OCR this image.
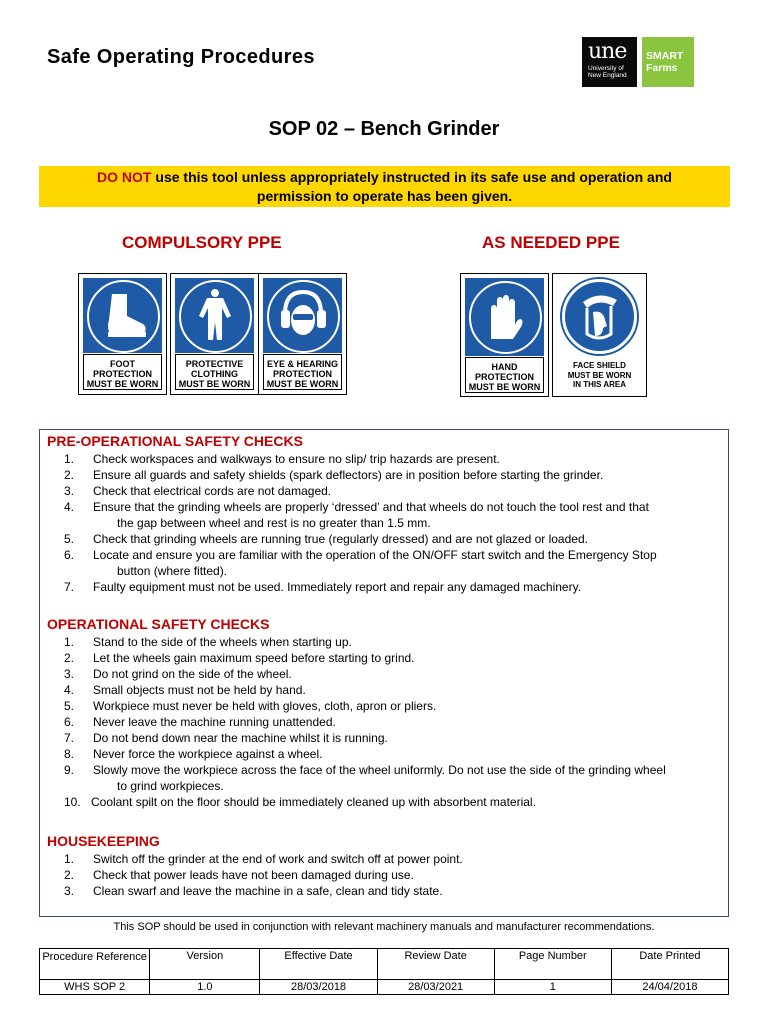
Safe Operating Procedures	une
University of
New England
SMART
Farms
SOP 02 – Bench Grinder
DO NOT use this tool unless appropriately instructed in its safe use and operation and
permission to operate has been given.
COMPULSORY PPE	AS NEEDED PPE
FOOT
PROTECTION
MUST BE WORN
PROTECTIVE
CLOTHING
MUST BE WORN
EYE & HEARING
PROTECTION
MUST BE WORN
HAND
PROTECTION
MUST BE WORN
FACE SHIELD
MUST BE WORN
IN THIS AREA
PRE-OPERATIONAL SAFETY CHECKS
1. Check workspaces and walkways to ensure no slip/ trip hazards are present.
2. Ensure all guards and safety shields (spark deflectors) are in position before starting the grinder.
3. Check that electrical cords are not damaged.
4. Ensure that the grinding wheels are properly ‘dressed’ and that wheels do not touch the tool rest and that
the gap between wheel and rest is no greater than 1.5 mm.
5. Check that grinding wheels are running true (regularly dressed) and are not glazed or loaded.
6. Locate and ensure you are familiar with the operation of the ON/OFF start switch and the Emergency Stop
button (where fitted).
7. Faulty equipment must not be used. Immediately report and repair any damaged machinery.
OPERATIONAL SAFETY CHECKS
1. Stand to the side of the wheels when starting up.
2. Let the wheels gain maximum speed before starting to grind.
3. Do not grind on the side of the wheel.
4. Small objects must not be held by hand.
5. Workpiece must never be held with gloves, cloth, apron or pliers.
6. Never leave the machine running unattended.
7. Do not bend down near the machine whilst it is running.
8. Never force the workpiece against a wheel.
9. Slowly move the workpiece across the face of the wheel uniformly. Do not use the side of the grinding wheel
to grind workpieces.
10. Coolant spilt on the floor should be immediately cleaned up with absorbent material.
HOUSEKEEPING
1. Switch off the grinder at the end of work and switch off at power point.
2. Check that power leads have not been damaged during use.
3. Clean swarf and leave the machine in a safe, clean and tidy state.
This SOP should be used in conjunction with relevant machinery manuals and manufacturer recommendations.
Procedure Reference	Version	Effective Date	Review Date	Page Number	Date Printed
WHS SOP 2	1.0	28/03/2018	28/03/2021	1	24/04/2018
